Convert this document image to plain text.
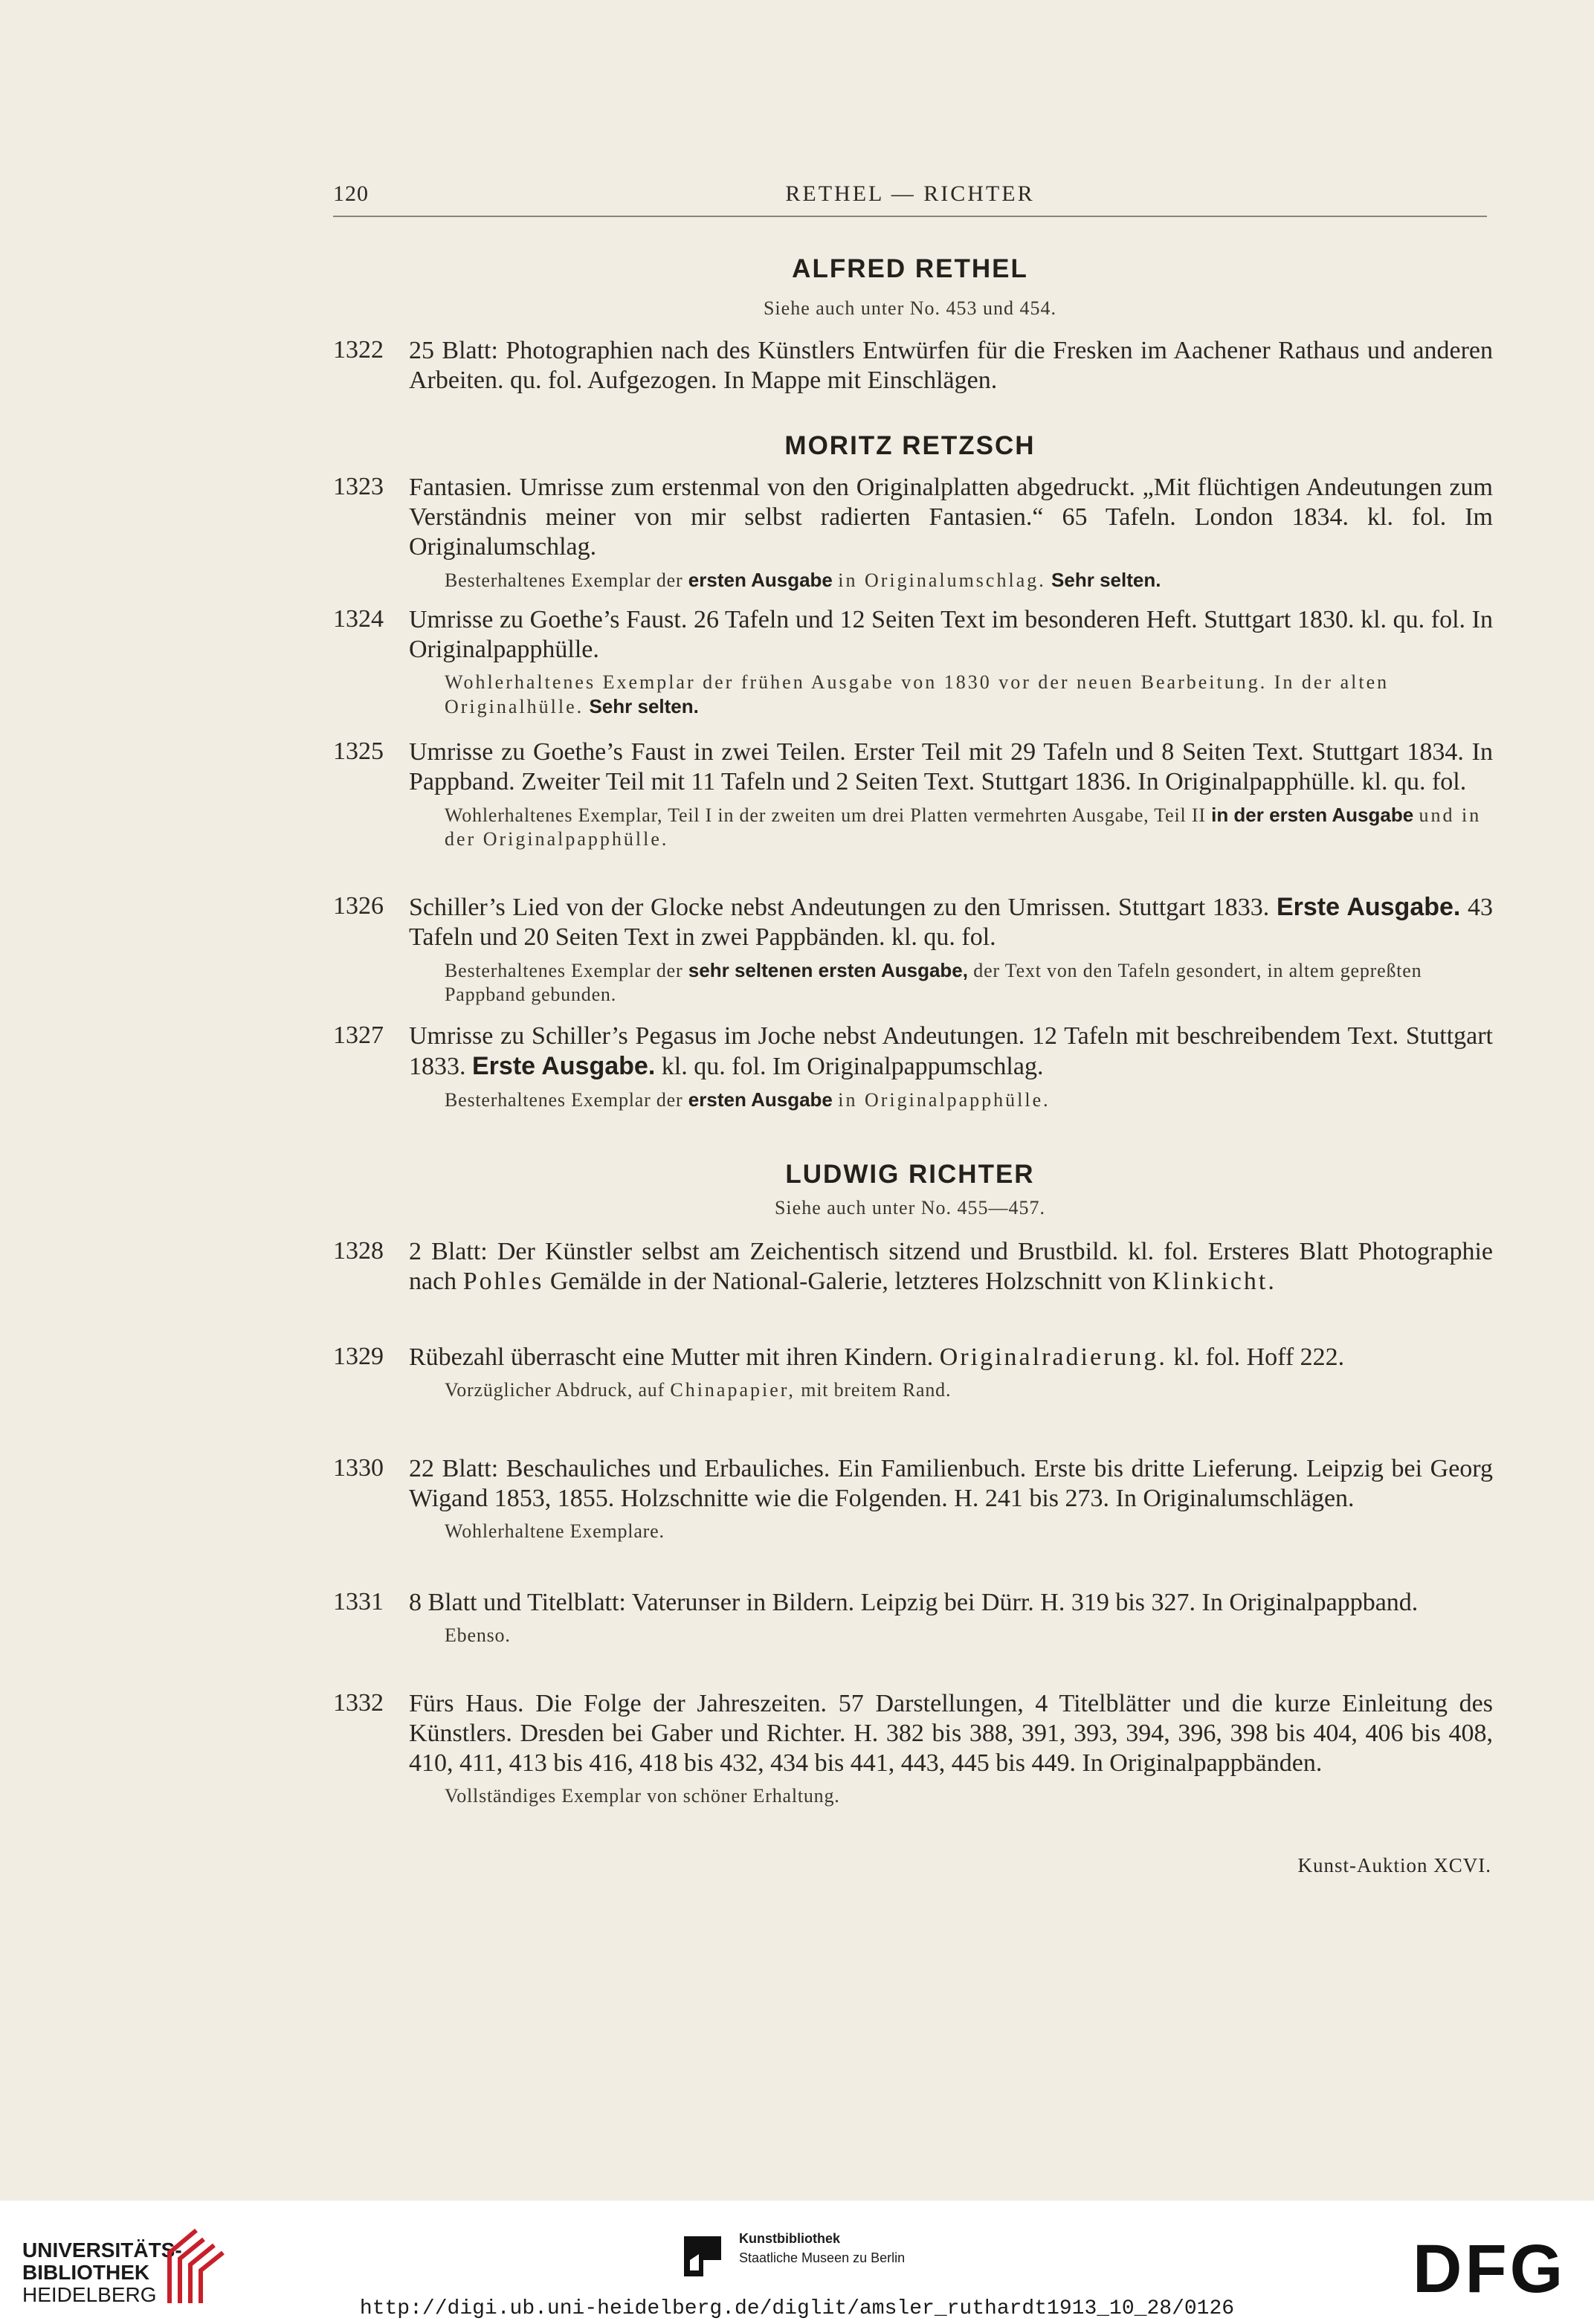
120	RETHEL — RICHTER
ALFRED RETHEL
Siehe auch unter No. 453 und 454.
1322 25 Blatt: Photographien nach des Künstlers Entwürfen für die Fresken im Aachener Rathaus und anderen Arbeiten. qu. fol. Aufgezogen. In Mappe mit Einschlägen.
MORITZ RETZSCH
1323 Fantasien. Umrisse zum erstenmal von den Originalplatten abgedruckt. „Mit flüchtigen Andeutungen zum Verständnis meiner von mir selbst radierten Fantasien.“ 65 Tafeln. London 1834. kl. fol. Im Originalumschlag.
Besterhaltenes Exemplar der ersten Ausgabe in Originalumschlag. Sehr selten.
1324 Umrisse zu Goethe’s Faust. 26 Tafeln und 12 Seiten Text im besonderen Heft. Stuttgart 1830. kl. qu. fol. In Originalpapphülle.
Wohlerhaltenes Exemplar der frühen Ausgabe von 1830 vor der neuen Bearbeitung. In der alten Originalhülle. Sehr selten.
1325 Umrisse zu Goethe’s Faust in zwei Teilen. Erster Teil mit 29 Tafeln und 8 Seiten Text. Stuttgart 1834. In Pappband. Zweiter Teil mit 11 Tafeln und 2 Seiten Text. Stuttgart 1836. In Originalpapphülle. kl. qu. fol.
Wohlerhaltenes Exemplar, Teil I in der zweiten um drei Platten vermehrten Ausgabe, Teil II in der ersten Ausgabe und in der Originalpapphülle.
1326 Schiller’s Lied von der Glocke nebst Andeutungen zu den Umrissen. Stuttgart 1833. Erste Ausgabe. 43 Tafeln und 20 Seiten Text in zwei Pappbänden. kl. qu. fol.
Besterhaltenes Exemplar der sehr seltenen ersten Ausgabe, der Text von den Tafeln gesondert, in altem gepreßten Pappband gebunden.
1327 Umrisse zu Schiller’s Pegasus im Joche nebst Andeutungen. 12 Tafeln mit beschreibendem Text. Stuttgart 1833. Erste Ausgabe. kl. qu. fol. Im Originalpappumschlag.
Besterhaltenes Exemplar der ersten Ausgabe in Originalpapphülle.
LUDWIG RICHTER
Siehe auch unter No. 455—457.
1328 2 Blatt: Der Künstler selbst am Zeichentisch sitzend und Brustbild. kl. fol. Ersteres Blatt Photographie nach Pohles Gemälde in der National-Galerie, letzteres Holzschnitt von Klinkicht.
1329 Rübezahl überrascht eine Mutter mit ihren Kindern. Originalradierung. kl. fol. Hoff 222.
Vorzüglicher Abdruck, auf Chinapapier, mit breitem Rand.
1330 22 Blatt: Beschauliches und Erbauliches. Ein Familienbuch. Erste bis dritte Lieferung. Leipzig bei Georg Wigand 1853, 1855. Holzschnitte wie die Folgenden. H. 241 bis 273. In Originalumschlägen.
Wohlerhaltene Exemplare.
1331 8 Blatt und Titelblatt: Vaterunser in Bildern. Leipzig bei Dürr. H. 319 bis 327. In Originalpappband.
Ebenso.
1332 Fürs Haus. Die Folge der Jahreszeiten. 57 Darstellungen, 4 Titelblätter und die kurze Einleitung des Künstlers. Dresden bei Gaber und Richter. H. 382 bis 388, 391, 393, 394, 396, 398 bis 404, 406 bis 408, 410, 411, 413 bis 416, 418 bis 432, 434 bis 441, 443, 445 bis 449. In Originalpappbänden.
Vollständiges Exemplar von schöner Erhaltung.
Kunst-Auktion XCVI.
UNIVERSITÄTS-
BIBLIOTHEK
HEIDELBERG
Kunstbibliothek
Staatliche Museen zu Berlin	DFG
http://digi.ub.uni-heidelberg.de/diglit/amsler_ruthardt1913_10_28/0126
